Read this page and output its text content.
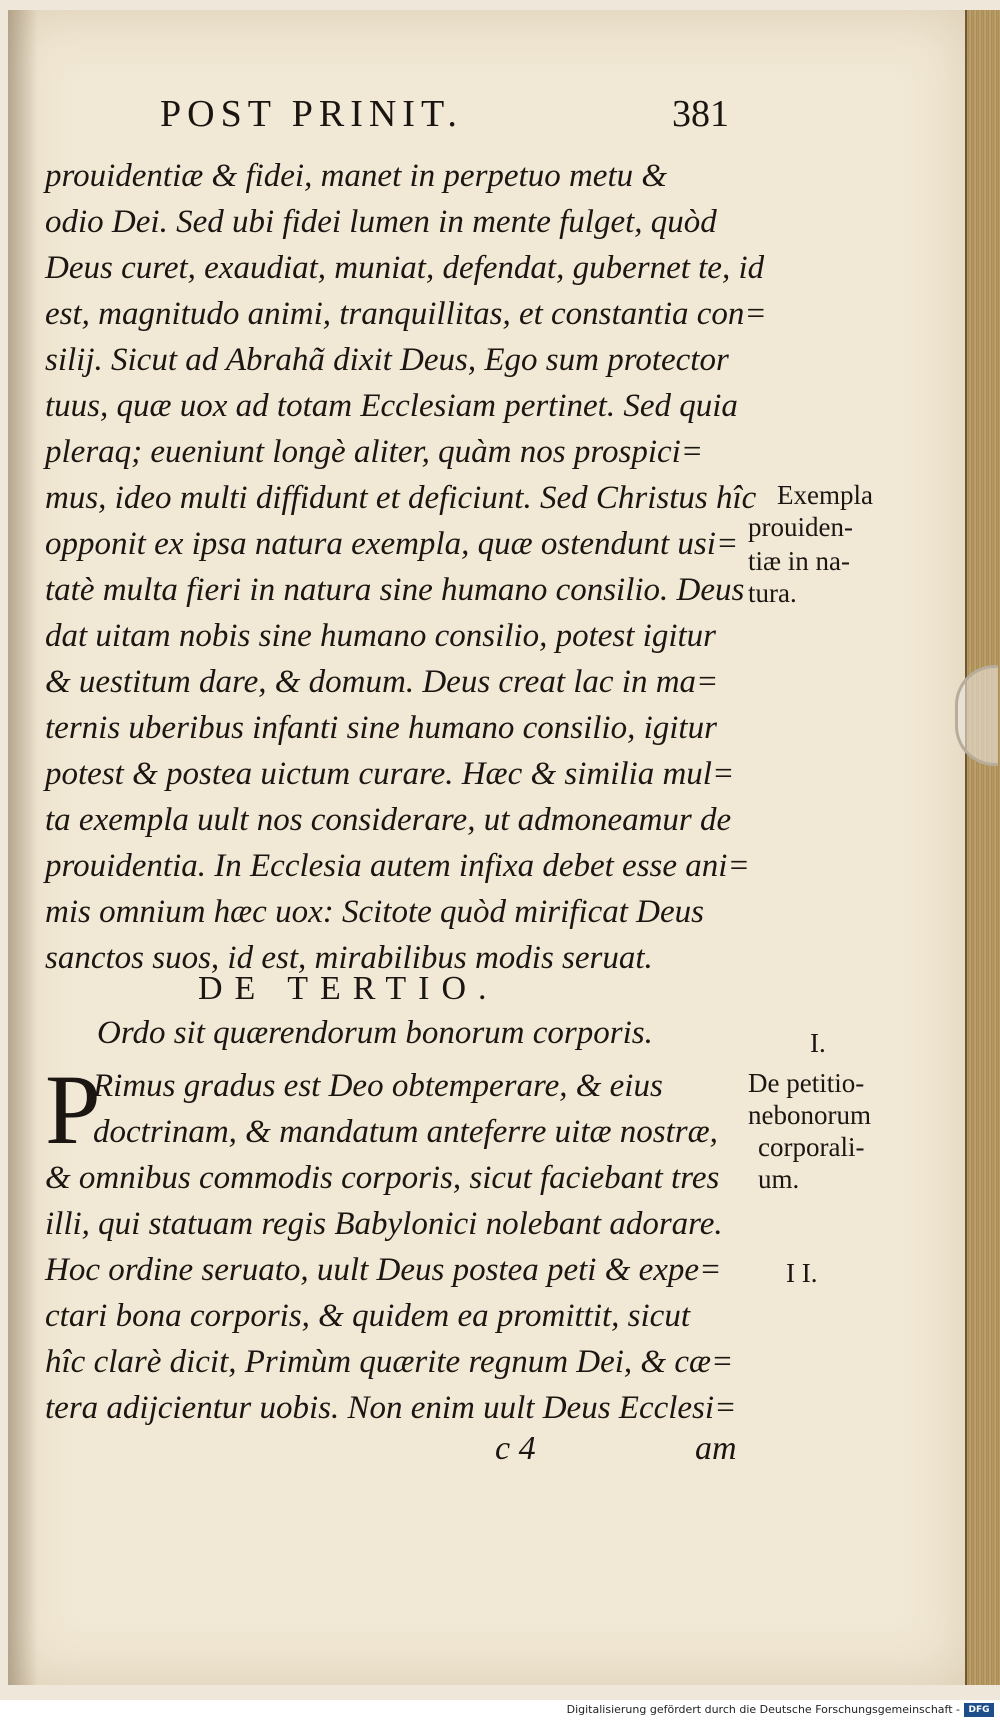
POST PRINIT.	381
prouidentiæ & fidei, manet in perpetuo metu &
odio Dei. Sed ubi fidei lumen in mente fulget, quòd
Deus curet, exaudiat, muniat, defendat, gubernet te, id
est, magnitudo animi, tranquillitas, et constantia con=
silij. Sicut ad Abrahã dixit Deus, Ego sum protector
tuus, quæ uox ad totam Ecclesiam pertinet. Sed quia
pleraq; eueniunt longè aliter, quàm nos prospici=
mus, ideo multi diffidunt et deficiunt. Sed Christus hîc
opponit ex ipsa natura exempla, quæ ostendunt usi=
tatè multa fieri in natura sine humano consilio. Deus
dat uitam nobis sine humano consilio, potest igitur
& uestitum dare, & domum. Deus creat lac in ma=
ternis uberibus infanti sine humano consilio, igitur
potest & postea uictum curare. Hæc & similia mul=
ta exempla uult nos considerare, ut admoneamur de
prouidentia. In Ecclesia autem infixa debet esse ani=
mis omnium hæc uox: Scitote quòd mirificat Deus
sanctos suos, id est, mirabilibus modis seruat.
Ordo sit quærendorum bonorum corporis.
Rimus gradus est Deo obtemperare, & eius
doctrinam, & mandatum anteferre uitæ nostræ,
& omnibus commodis corporis, sicut faciebant tres
illi, qui statuam regis Babylonici nolebant adorare.
Hoc ordine seruato, uult Deus postea peti & expe=
ctari bona corporis, & quidem ea promittit, sicut
hîc clarè dicit, Primùm quærite regnum Dei, & cæ=
tera adijcientur uobis. Non enim uult Deus Ecclesi=
DE TERTIO.
P
Exempla
prouiden-
tiæ in na-
tura.
I.
De petitio-
nebonorum
corporali-
um.
I I.
c 4	am
Digitalisierung gefördert durch die Deutsche Forschungsgemeinschaft - DFG
